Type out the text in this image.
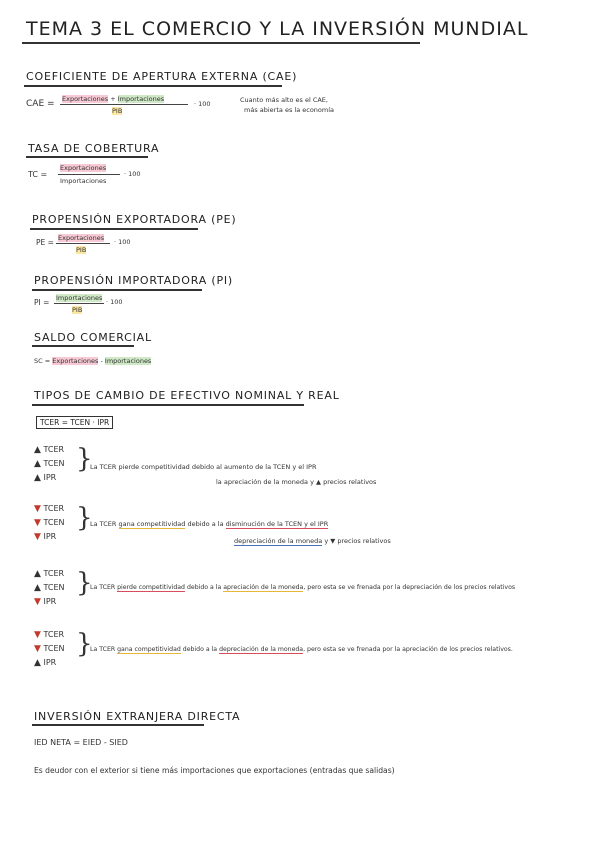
TEMA 3 EL COMERCIO Y LA INVERSIÓN MUNDIAL
COEFICIENTE DE APERTURA EXTERNA (CAE)
CAE = Exportaciones + Importaciones
PIB
· 100	Cuanto más alto es el CAE,
más abierta es la economía
TASA DE COBERTURA
TC =
Exportaciones
Importaciones
· 100
PROPENSIÓN EXPORTADORA (PE)
PE = Exportaciones
PIB
· 100
PROPENSIÓN IMPORTADORA (PI)
PI = Importaciones
PIB
· 100
SALDO COMERCIAL
SC = Exportaciones - Importaciones
TIPOS DE CAMBIO DE EFECTIVO NOMINAL Y REAL
TCER = TCEN · IPR
▲ TCER
▲ TCEN
▲ IPR
}
La TCER pierde competitividad debido al aumento de la TCEN y el IPR
la apreciación de la moneda y ▲ precios relativos
▼ TCER
▼ TCEN
▼ IPR
}
La TCER gana competitividad debido a la disminución de la TCEN y el IPR
depreciación de la moneda y ▼ precios relativos
▲ TCER
▲ TCEN
▼ IPR
}
La TCER pierde competitividad debido a la apreciación de la moneda, pero esta se ve frenada por la depreciación de los precios relativos
▼ TCER
▼ TCEN
▲ IPR
}
La TCER gana competitividad debido a la depreciación de la moneda, pero esta se ve frenada por la apreciación de los precios relativos.
INVERSIÓN EXTRANJERA DIRECTA
IED NETA = EIED - SIED
Es deudor con el exterior si tiene más importaciones que exportaciones (entradas que salidas)
